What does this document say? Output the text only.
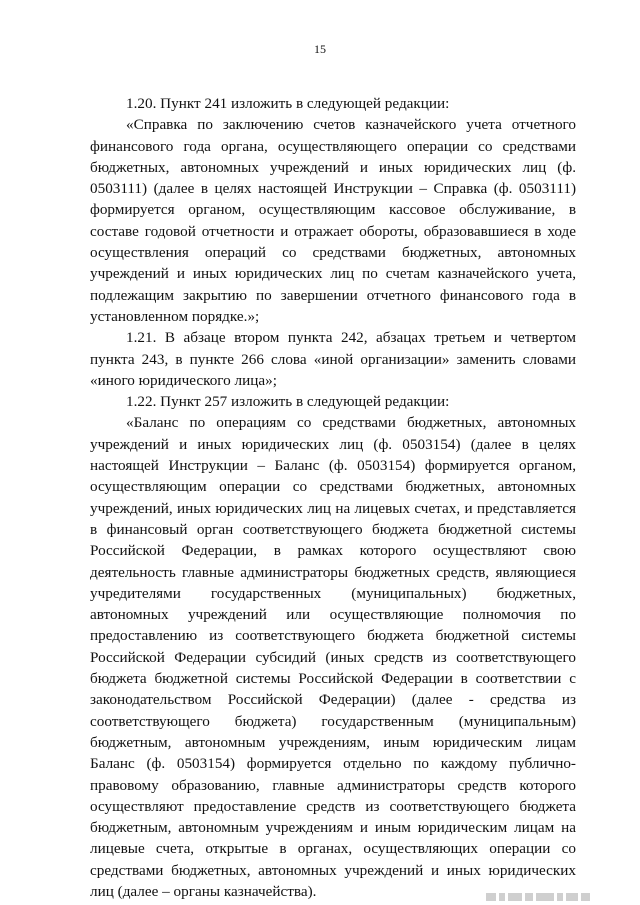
15

1.20. Пункт 241 изложить в следующей редакции:

«Справка по заключению счетов казначейского учета отчетного финансового года органа, осуществляющего операции со средствами бюджетных, автономных учреждений и иных юридических лиц (ф. 0503111) (далее в целях настоящей Инструкции – Справка (ф. 0503111) формируется органом, осуществляющим кассовое обслуживание, в составе годовой отчетности и отражает обороты, образовавшиеся в ходе осуществления операций со средствами бюджетных, автономных учреждений и иных юридических лиц по счетам казначейского учета, подлежащим закрытию по завершении отчетного финансового года в установленном порядке.»;

1.21. В абзаце втором пункта 242, абзацах третьем и четвертом пункта 243, в пункте 266 слова «иной организации» заменить словами «иного юридического лица»;

1.22. Пункт 257 изложить в следующей редакции:

«Баланс по операциям со средствами бюджетных, автономных учреждений и иных юридических лиц (ф. 0503154) (далее в целях настоящей Инструкции – Баланс (ф. 0503154) формируется органом, осуществляющим операции со средствами бюджетных, автономных учреждений, иных юридических лиц на лицевых счетах, и представляется в финансовый орган соответствующего бюджета бюджетной системы Российской Федерации, в рамках которого осуществляют свою деятельность главные администраторы бюджетных средств, являющиеся учредителями государственных (муниципальных) бюджетных, автономных учреждений или осуществляющие полномочия по предоставлению из соответствующего бюджета бюджетной системы Российской Федерации субсидий (иных средств из соответствующего бюджета бюджетной системы Российской Федерации в соответствии с законодательством Российской Федерации) (далее - средства из соответствующего бюджета) государственным (муниципальным) бюджетным, автономным учреждениям, иным юридическим лицам Баланс (ф. 0503154) формируется отдельно по каждому публично-правовому образованию, главные администраторы средств которого осуществляют предоставление средств из соответствующего бюджета бюджетным, автономным учреждениям и иным юридическим лицам на лицевые счета, открытые в органах, осуществляющих операции со средствами бюджетных, автономных учреждений и иных юридических лиц (далее – органы казначейства).
